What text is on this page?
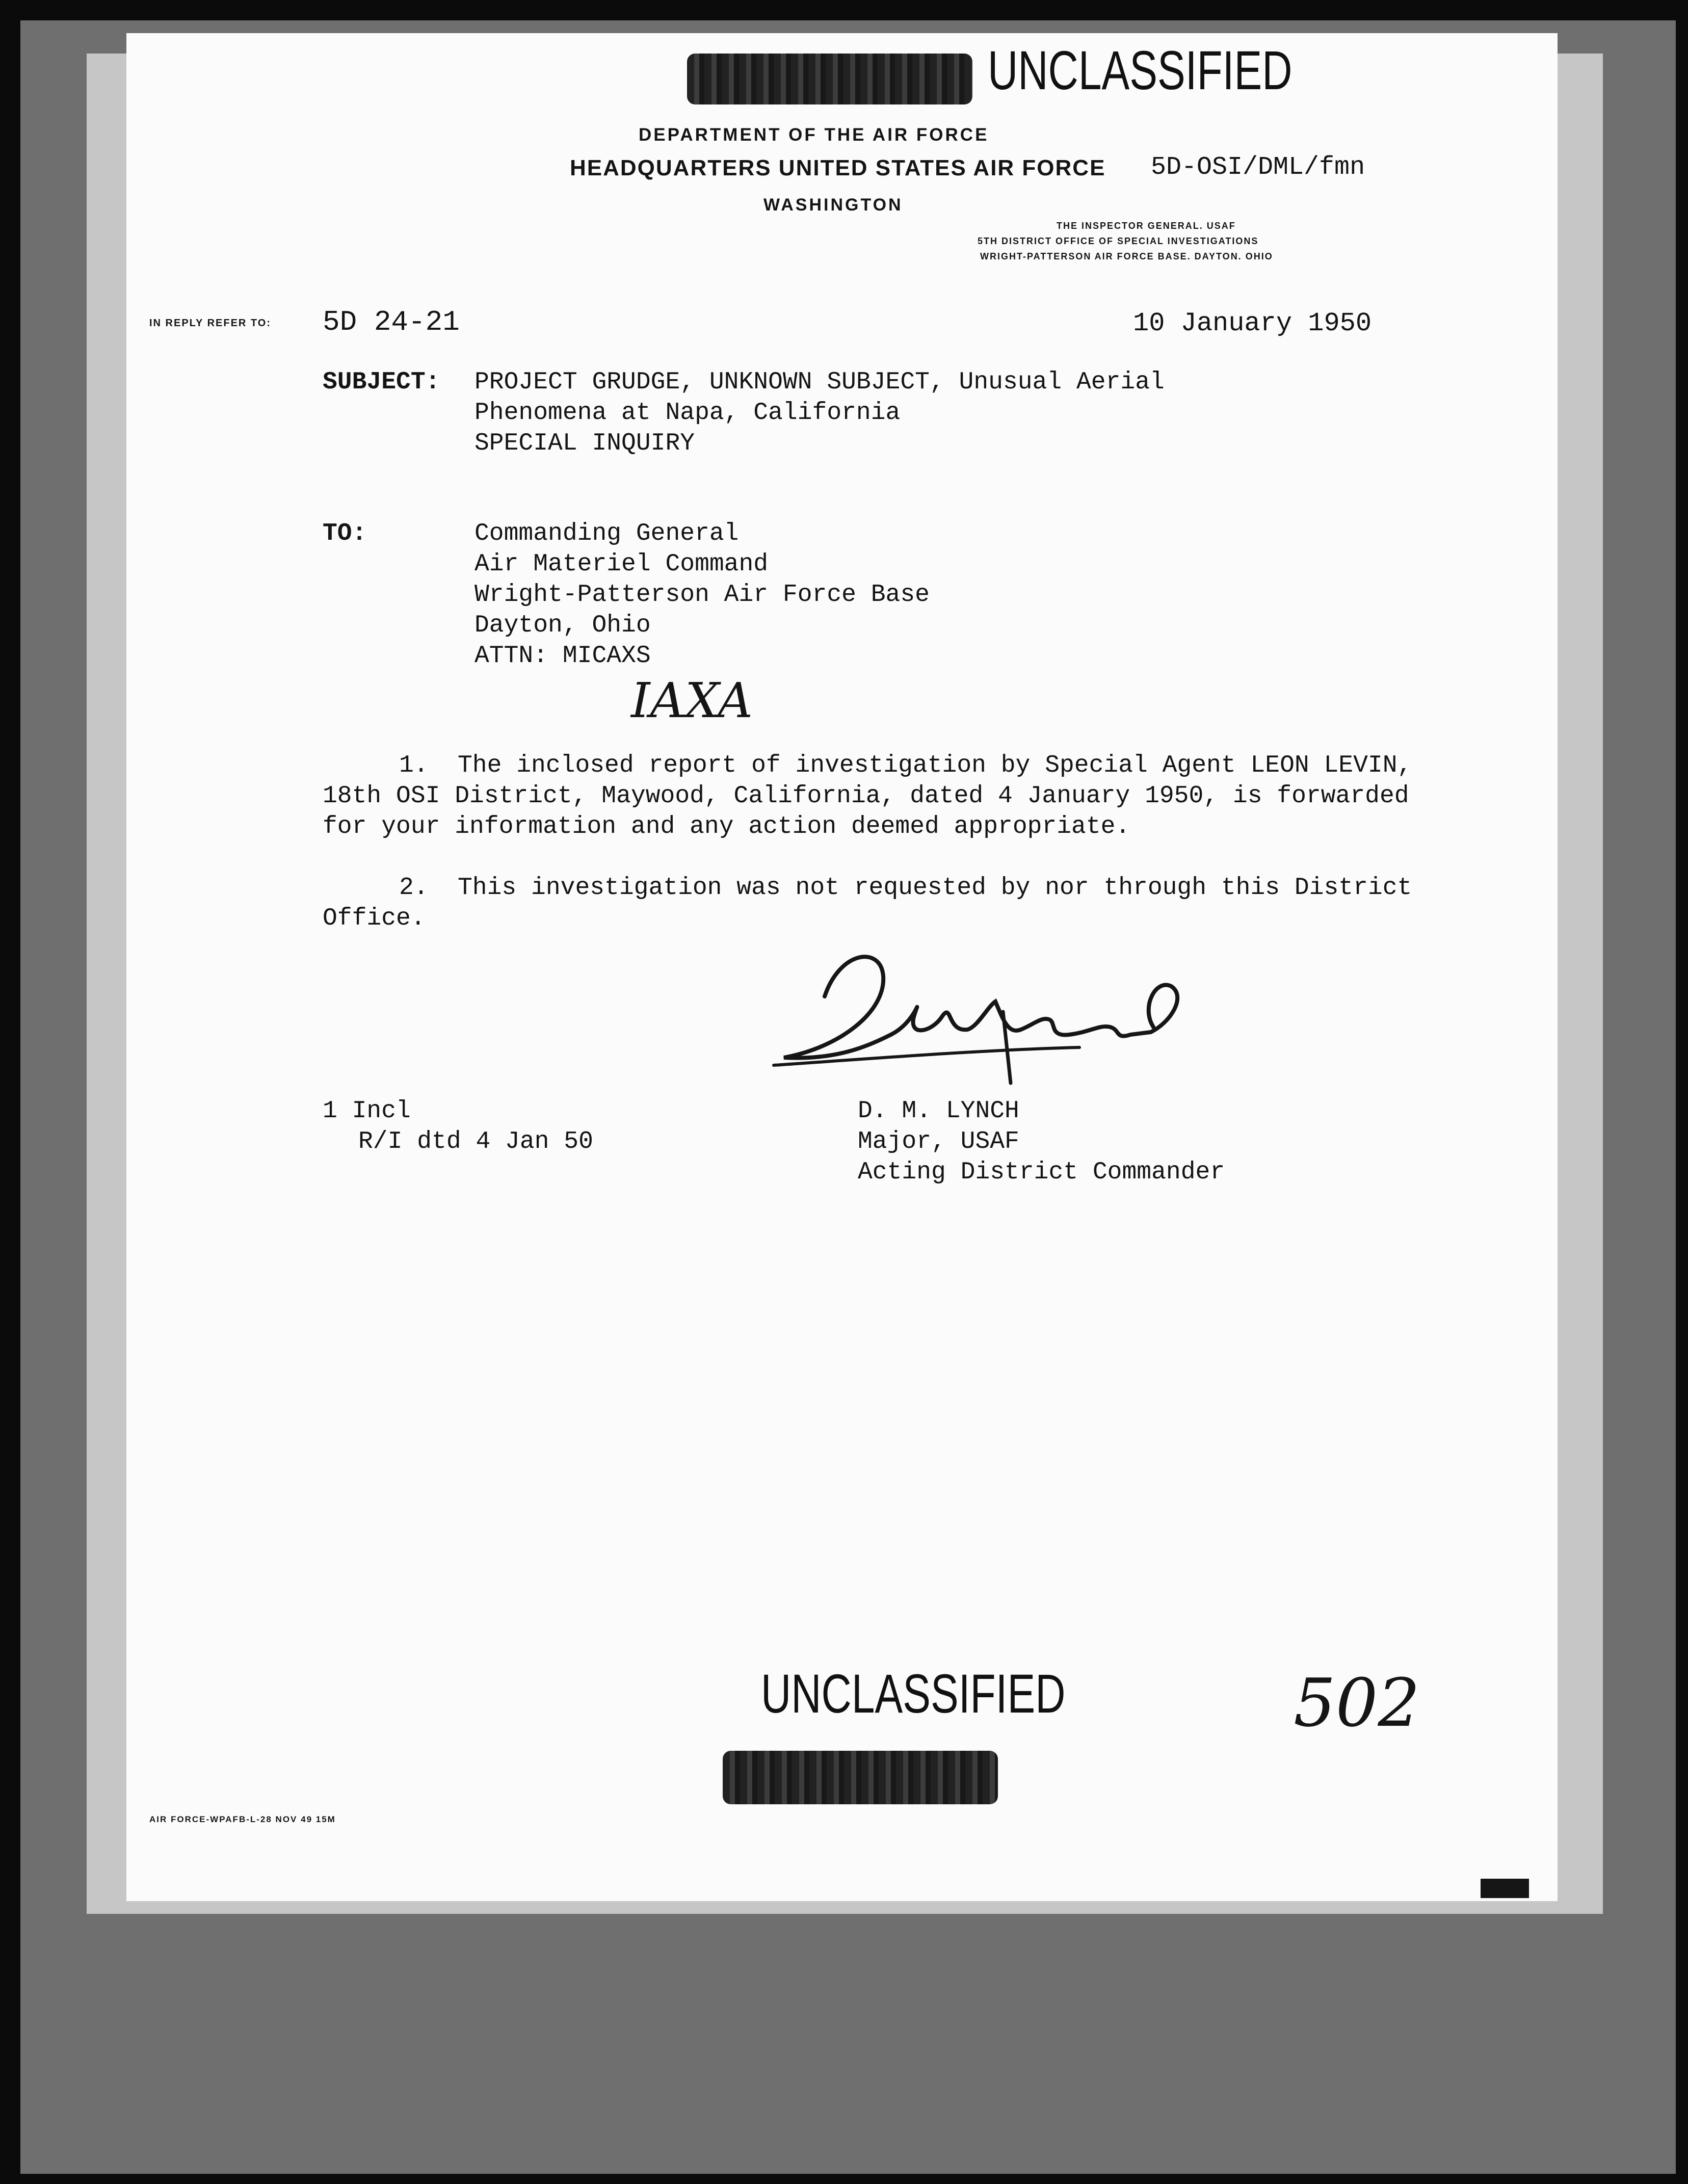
UNCLASSIFIED
DEPARTMENT OF THE AIR FORCE
HEADQUARTERS UNITED STATES AIR FORCE 5D-OSI/DML/fmn
WASHINGTON
THE INSPECTOR GENERAL. USAF
5TH DISTRICT OFFICE OF SPECIAL INVESTIGATIONS
WRIGHT-PATTERSON AIR FORCE BASE. DAYTON. OHIO
IN REPLY REFER TO: 5D 24-21	10 January 1950
SUBJECT: PROJECT GRUDGE, UNKNOWN SUBJECT, Unusual Aerial
Phenomena at Napa, California
SPECIAL INQUIRY
TO:	Commanding General
Air Materiel Command
Wright-Patterson Air Force Base
Dayton, Ohio
ATTN: MICAXS
IAXA
1. The inclosed report of investigation by Special Agent LEON LEVIN,
18th OSI District, Maywood, California, dated 4 January 1950, is forwarded
for your information and any action deemed appropriate.
2. This investigation was not requested by nor through this District
Office.
1 Incl
R/I dtd 4 Jan 50
D. M. LYNCH
Major, USAF
Acting District Commander
UNCLASSIFIED	502
AIR FORCE-WPAFB-L-28 NOV 49 15M
